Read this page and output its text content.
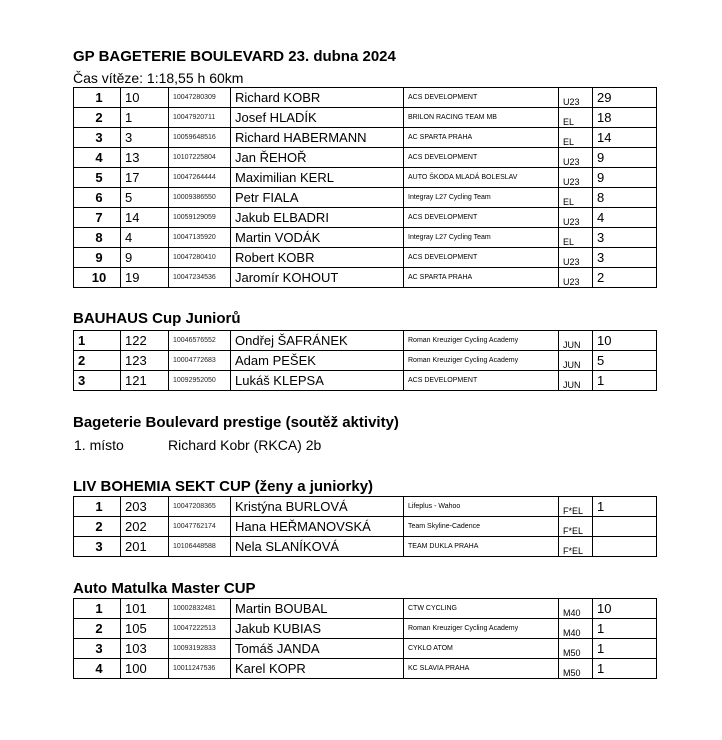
GP BAGETERIE BOULEVARD 23. dubna 2024
Čas vítěze: 1:18,55 h 60km
1	10	10047280309	Richard KOBR	ACS DEVELOPMENT	U23	29
2	1	10047920711	Josef HLADÍK	BRILON RACING TEAM MB	EL	18
3	3	10059648516	Richard HABERMANN	AC SPARTA PRAHA	EL	14
4	13	10107225804	Jan ŘEHOŘ	ACS DEVELOPMENT	U23	9
5	17	10047264444	Maximilian KERL	AUTO ŠKODA MLADÁ BOLESLAV	U23	9
6	5	10009386550	Petr FIALA	Integray L27 Cycling Team	EL	8
7	14	10059129059	Jakub ELBADRI	ACS DEVELOPMENT	U23	4
8	4	10047135920	Martin VODÁK	Integray L27 Cycling Team	EL	3
9	9	10047280410	Robert KOBR	ACS DEVELOPMENT	U23	3
10	19	10047234536	Jaromír KOHOUT	AC SPARTA PRAHA	U23	2
BAUHAUS Cup Juniorů
1	122	10046576552	Ondřej ŠAFRÁNEK	Roman Kreuziger Cycling Academy	JUN	10
2	123	10004772683	Adam PEŠEK	Roman Kreuziger Cycling Academy	JUN	5
3	121	10092952050	Lukáš KLEPSA	ACS DEVELOPMENT	JUN	1
Bageterie Boulevard prestige (soutěž aktivity)
1. místo	Richard Kobr (RKCA) 2b
LIV BOHEMIA SEKT CUP (ženy a juniorky)
1	203	10047208365	Kristýna BURLOVÁ	Lifeplus - Wahoo	F*EL	1
2	202	10047762174	Hana HEŘMANOVSKÁ	Team Skyline-Cadence	F*EL	
3	201	10106448588	Nela SLANÍKOVÁ	TEAM DUKLA PRAHA	F*EL	
Auto Matulka Master CUP
1	101	10002832481	Martin BOUBAL	CTW CYCLING	M40	10
2	105	10047222513	Jakub KUBIAS	Roman Kreuziger Cycling Academy	M40	1
3	103	10093192833	Tomáš JANDA	CYKLO ATOM	M50	1
4	100	10011247536	Karel KOPR	KC SLAVIA PRAHA	M50	1
